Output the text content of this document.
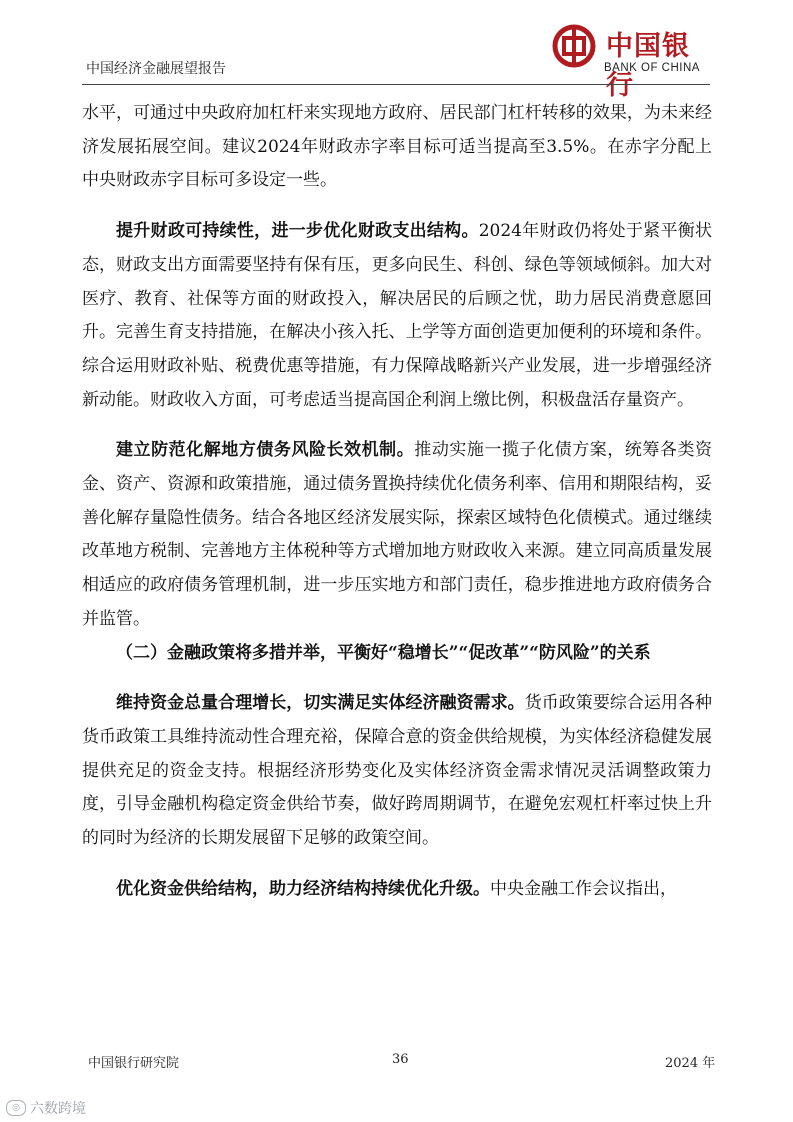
中国经济金融展望报告
中国银行
BANK OF CHINA

水平，可通过中央政府加杠杆来实现地方政府、居民部门杠杆转移的效果，为未来经济发展拓展空间。建议2024年财政赤字率目标可适当提高至3.5%。在赤字分配上中央财政赤字目标可多设定一些。

提升财政可持续性，进一步优化财政支出结构。2024年财政仍将处于紧平衡状态，财政支出方面需要坚持有保有压，更多向民生、科创、绿色等领域倾斜。加大对医疗、教育、社保等方面的财政投入，解决居民的后顾之忧，助力居民消费意愿回升。完善生育支持措施，在解决小孩入托、上学等方面创造更加便利的环境和条件。综合运用财政补贴、税费优惠等措施，有力保障战略新兴产业发展，进一步增强经济新动能。财政收入方面，可考虑适当提高国企利润上缴比例，积极盘活存量资产。

建立防范化解地方债务风险长效机制。推动实施一揽子化债方案，统筹各类资金、资产、资源和政策措施，通过债务置换持续优化债务利率、信用和期限结构，妥善化解存量隐性债务。结合各地区经济发展实际，探索区域特色化债模式。通过继续改革地方税制、完善地方主体税种等方式增加地方财政收入来源。建立同高质量发展相适应的政府债务管理机制，进一步压实地方和部门责任，稳步推进地方政府债务合并监管。

（二）金融政策将多措并举，平衡好“稳增长”“促改革”“防风险”的关系

维持资金总量合理增长，切实满足实体经济融资需求。货币政策要综合运用各种货币政策工具维持流动性合理充裕，保障合意的资金供给规模，为实体经济稳健发展提供充足的资金支持。根据经济形势变化及实体经济资金需求情况灵活调整政策力度，引导金融机构稳定资金供给节奏，做好跨周期调节，在避免宏观杠杆率过快上升的同时为经济的长期发展留下足够的政策空间。

优化资金供给结构，助力经济结构持续优化升级。中央金融工作会议指出，

中国银行研究院	36	2024 年
◎ 六数跨境
